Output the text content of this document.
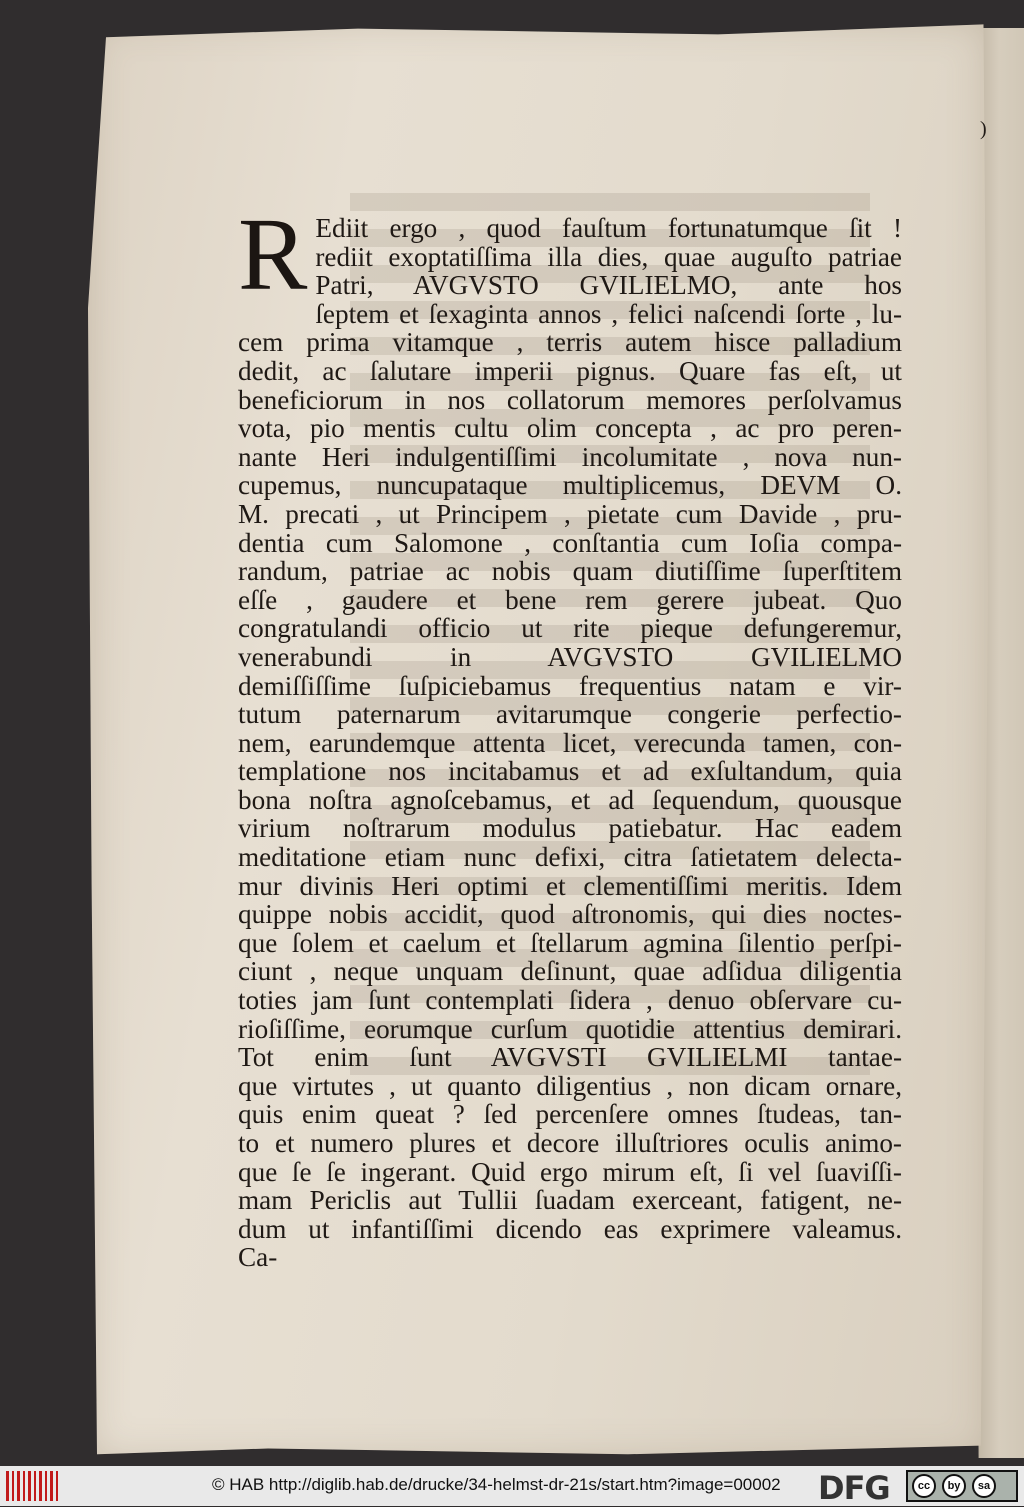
)
R Ediit ergo , quod fauſtum fortunatumque ſit !
rediit exoptatiſſima illa dies, quae auguſto patriae
Patri, AVGVSTO GVILIELMO, ante hos
ſeptem et ſexaginta annos , felici naſcendi ſorte , lu-
cem prima vitamque , terris autem hisce palladium
dedit, ac ſalutare imperii pignus. Quare fas eſt, ut
beneficiorum in nos collatorum memores perſolvamus
vota, pio mentis cultu olim concepta , ac pro peren-
nante Heri indulgentiſſimi incolumitate , nova nun-
cupemus, nuncupataque multiplicemus, DEVM O.
M. precati , ut Principem , pietate cum Davide , pru-
dentia cum Salomone , conſtantia cum Ioſia compa-
randum, patriae ac nobis quam diutiſſime ſuperſtitem
eſſe , gaudere et bene rem gerere jubeat. Quo
congratulandi officio ut rite pieque defungeremur,
venerabundi in AVGVSTO GVILIELMO
demiſſiſſime ſuſpiciebamus frequentius natam e vir-
tutum paternarum avitarumque congerie perfectio-
nem, earundemque attenta licet, verecunda tamen, con-
templatione nos incitabamus et ad exſultandum, quia
bona noſtra agnoſcebamus, et ad ſequendum, quousque
virium noſtrarum modulus patiebatur. Hac eadem
meditatione etiam nunc defixi, citra ſatietatem delecta-
mur divinis Heri optimi et clementiſſimi meritis. Idem
quippe nobis accidit, quod aſtronomis, qui dies noctes-
que ſolem et caelum et ſtellarum agmina ſilentio perſpi-
ciunt , neque unquam deſinunt, quae adſidua diligentia
toties jam ſunt contemplati ſidera , denuo obſervare cu-
rioſiſſime, eorumque curſum quotidie attentius demirari.
Tot enim ſunt AVGVSTI GVILIELMI tantae-
que virtutes , ut quanto diligentius , non dicam ornare,
quis enim queat ? ſed percenſere omnes ſtudeas, tan-
to et numero plures et decore illuſtriores oculis animo-
que ſe ſe ingerant. Quid ergo mirum eſt, ſi vel ſuaviſſi-
mam Periclis aut Tullii ſuadam exerceant, fatigent, ne-
dum ut infantiſſimi dicendo eas exprimere valeamus.
Ca-
© HAB http://diglib.hab.de/drucke/34-helmst-dr-21s/start.htm?image=00002 DFG	cc	by	sa
